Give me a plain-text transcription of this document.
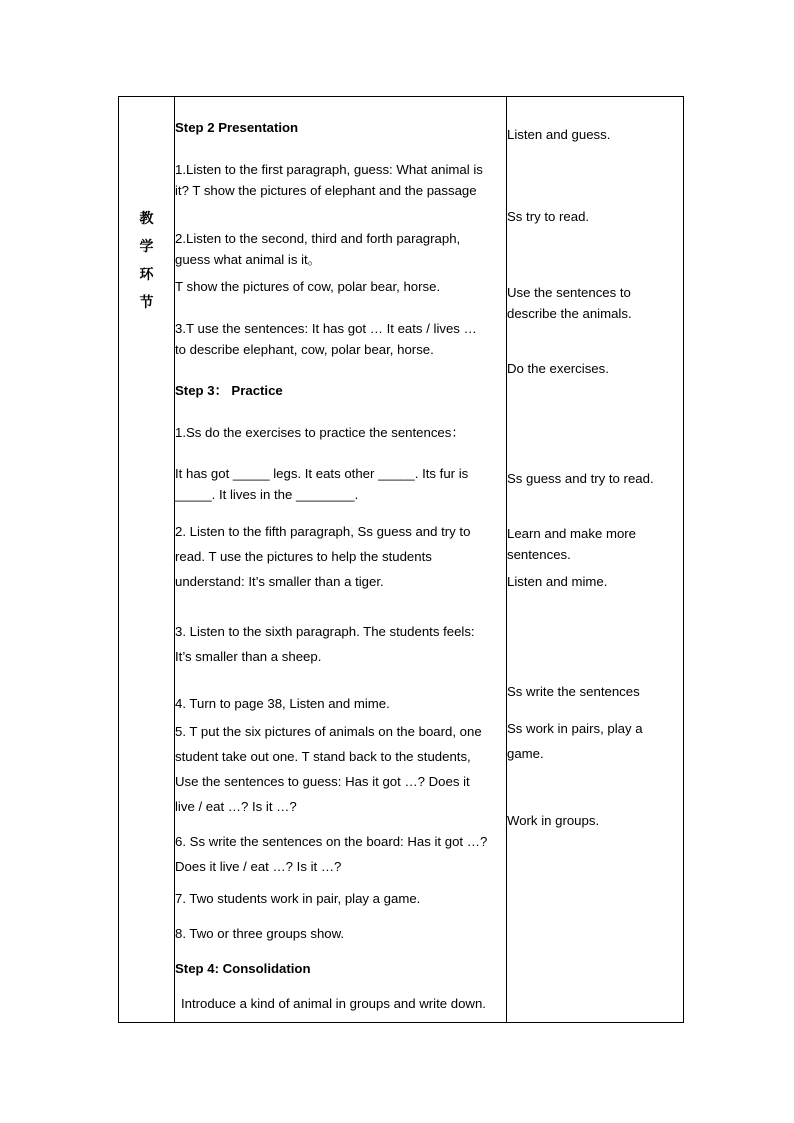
教
学
环
节
Step 2 Presentation
1.Listen to the first paragraph, guess: What animal is
it? T show the pictures of elephant and the passage
2.Listen to the second, third and forth paragraph,
guess what animal is it。
T show the pictures of cow, polar bear, horse.
3.T use the sentences: It has got … It eats / lives …
to describe elephant, cow, polar bear, horse.
Step 3： Practice
1.Ss do the exercises to practice the sentences：
It has got _____ legs. It eats other _____. Its fur is
_____. It lives in the ________.
2. Listen to the fifth paragraph, Ss guess and try to
read. T use the pictures to help the students
understand: It’s smaller than a tiger.
3. Listen to the sixth paragraph. The students feels:
It’s smaller than a sheep.
4. Turn to page 38, Listen and mime.
5. T put the six pictures of animals on the board, one
student take out one. T stand back to the students,
Use the sentences to guess: Has it got …? Does it
live / eat …? Is it …?
6. Ss write the sentences on the board: Has it got …?
Does it live / eat …? Is it …?
7. Two students work in pair, play a game.
8. Two or three groups show.
Step 4: Consolidation
Introduce a kind of animal in groups and write down.
Listen and guess.
Ss try to read.
Use the sentences to
describe the animals.
Do the exercises.
Ss guess and try to read.
Learn and make more
sentences.
Listen and mime.
Ss write the sentences
Ss work in pairs, play a
game.
Work in groups.
